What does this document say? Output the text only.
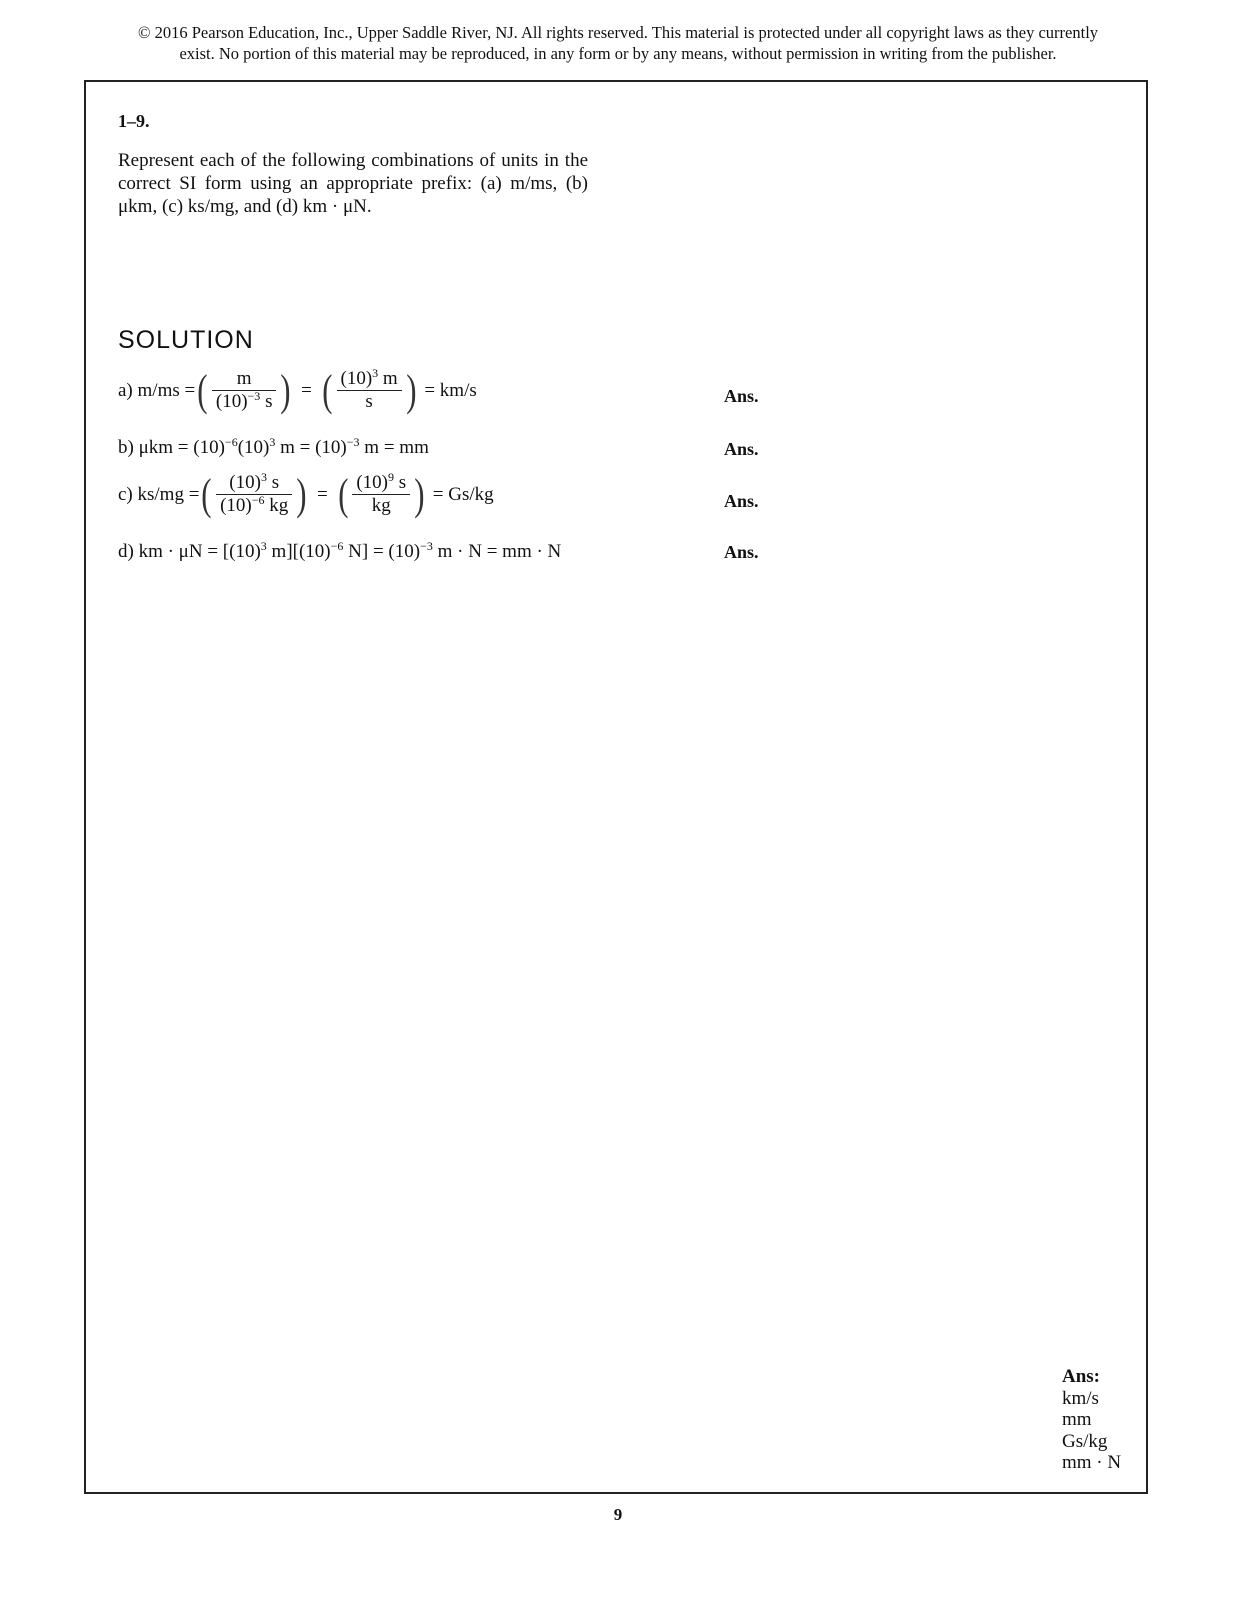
© 2016 Pearson Education, Inc., Upper Saddle River, NJ. All rights reserved. This material is protected under all copyright laws as they currently
exist. No portion of this material may be reproduced, in any form or by any means, without permission in writing from the publisher.
1–9.
Represent each of the following combinations of units in the correct SI form using an appropriate prefix: (a) m/ms, (b) μkm, (c) ks/mg, and (d) km · μN.
SOLUTION
a) m/ms = ( $\frac{m}{(10)^{-3} s}$ ) = ( $\frac{(10)^3 m}{s}$ ) = km/s	Ans.
b) $\mu km = (10)^{-6}(10)^3$ $m = (10)^{-3}$ m = mm	Ans.
c) ks/mg = ( $\frac{(10)^3 s}{(10)^{-6} kg}$ ) = ( $\frac{(10)^9 s}{kg}$ ) = Gs/kg	Ans.
d) km · $\mu N = [(10)^3$ $m][(10)^{-6}$ $N] = (10)^{-3}$ m · N = mm · N	Ans.
Ans:
km/s
mm
Gs/kg
mm · N
9
